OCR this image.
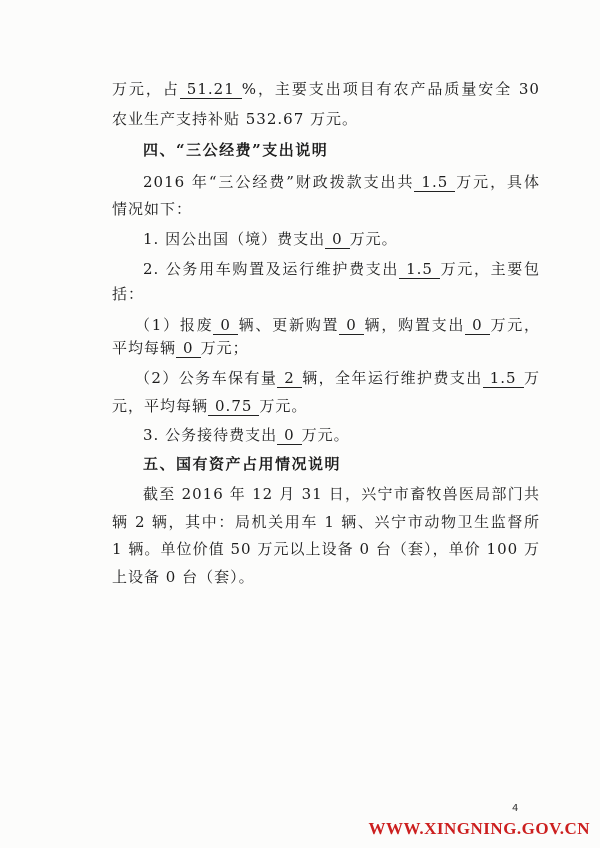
万元，占 51.21 %，主要支出项目有农产品质量安全 30
农业生产支持补贴 532.67 万元。
四、“三公经费”支出说明
2016 年“三公经费”财政拨款支出共 1.5 万元，具体
情况如下：
1. 因公出国（境）费支出 0 万元。
2. 公务用车购置及运行维护费支出 1.5 万元，主要包
括：
（1）报废 0 辆、更新购置 0 辆，购置支出 0 万元，
平均每辆 0 万元；
（2）公务车保有量 2 辆，全年运行维护费支出 1.5 万
元，平均每辆 0.75 万元。
3. 公务接待费支出 0 万元。
五、国有资产占用情况说明
截至 2016 年 12 月 31 日，兴宁市畜牧兽医局部门共
辆 2 辆，其中：局机关用车 1 辆、兴宁市动物卫生监督所
1 辆。单位价值 50 万元以上设备 0 台（套），单价 100 万
上设备 0 台（套）。
4
WWW.XINGNING.GOV.CN
